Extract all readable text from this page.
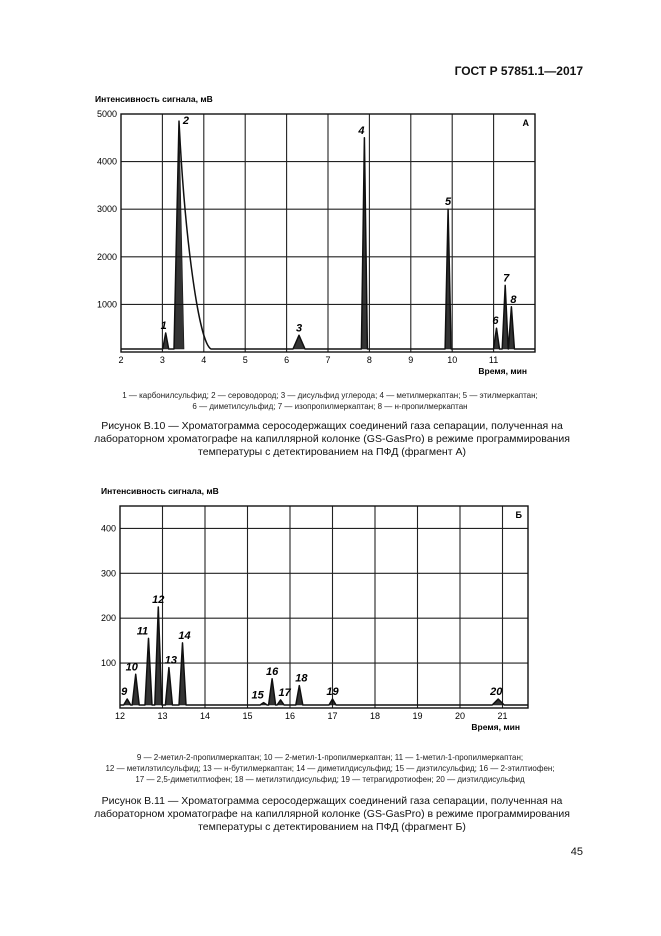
ГОСТ Р 57851.1—2017
2	3	4	5	6	7	8	9	10	11
1000
2000
3000
4000
5000
Интенсивность сигнала, мВ
Время, мин
А
1
2
3
4
5
6
7
8
1 — карбонилсульфид; 2 — сероводород; 3 — дисульфид углерода; 4 — метилмеркаптан; 5 — этилмеркаптан;
6 — диметилсульфид; 7 — изопропилмеркаптан; 8 — н-пропилмеркаптан
Рисунок В.10 — Хроматограмма серосодержащих соединений газа сепарации, полученная на лабораторном хроматографе на капиллярной колонке (GS-GasPro) в режиме программирования температуры с детектированием на ПФД (фрагмент А)
12	13	14	15	16	17	18	19	20	21
100
200
300
400
Интенсивность сигнала, мВ
Время, мин
Б
9
10
11
12
13
14
15
16
17
18
19	20
9 — 2-метил-2-пропилмеркаптан; 10 — 2-метил-1-пропилмеркаптан; 11 — 1-метил-1-пропилмеркаптан;
12 — метилэтилсульфид; 13 — н-бутилмеркаптан; 14 — диметилдисульфид; 15 — диэтилсульфид; 16 — 2-этилтиофен;
17 — 2,5-диметилтиофен; 18 — метилэтилдисульфид; 19 — тетрагидротиофен; 20 — диэтилдисульфид
Рисунок В.11 — Хроматограмма серосодержащих соединений газа сепарации, полученная на лабораторном хроматографе на капиллярной колонке (GS-GasPro) в режиме программирования температуры с детектированием на ПФД (фрагмент Б)
45
